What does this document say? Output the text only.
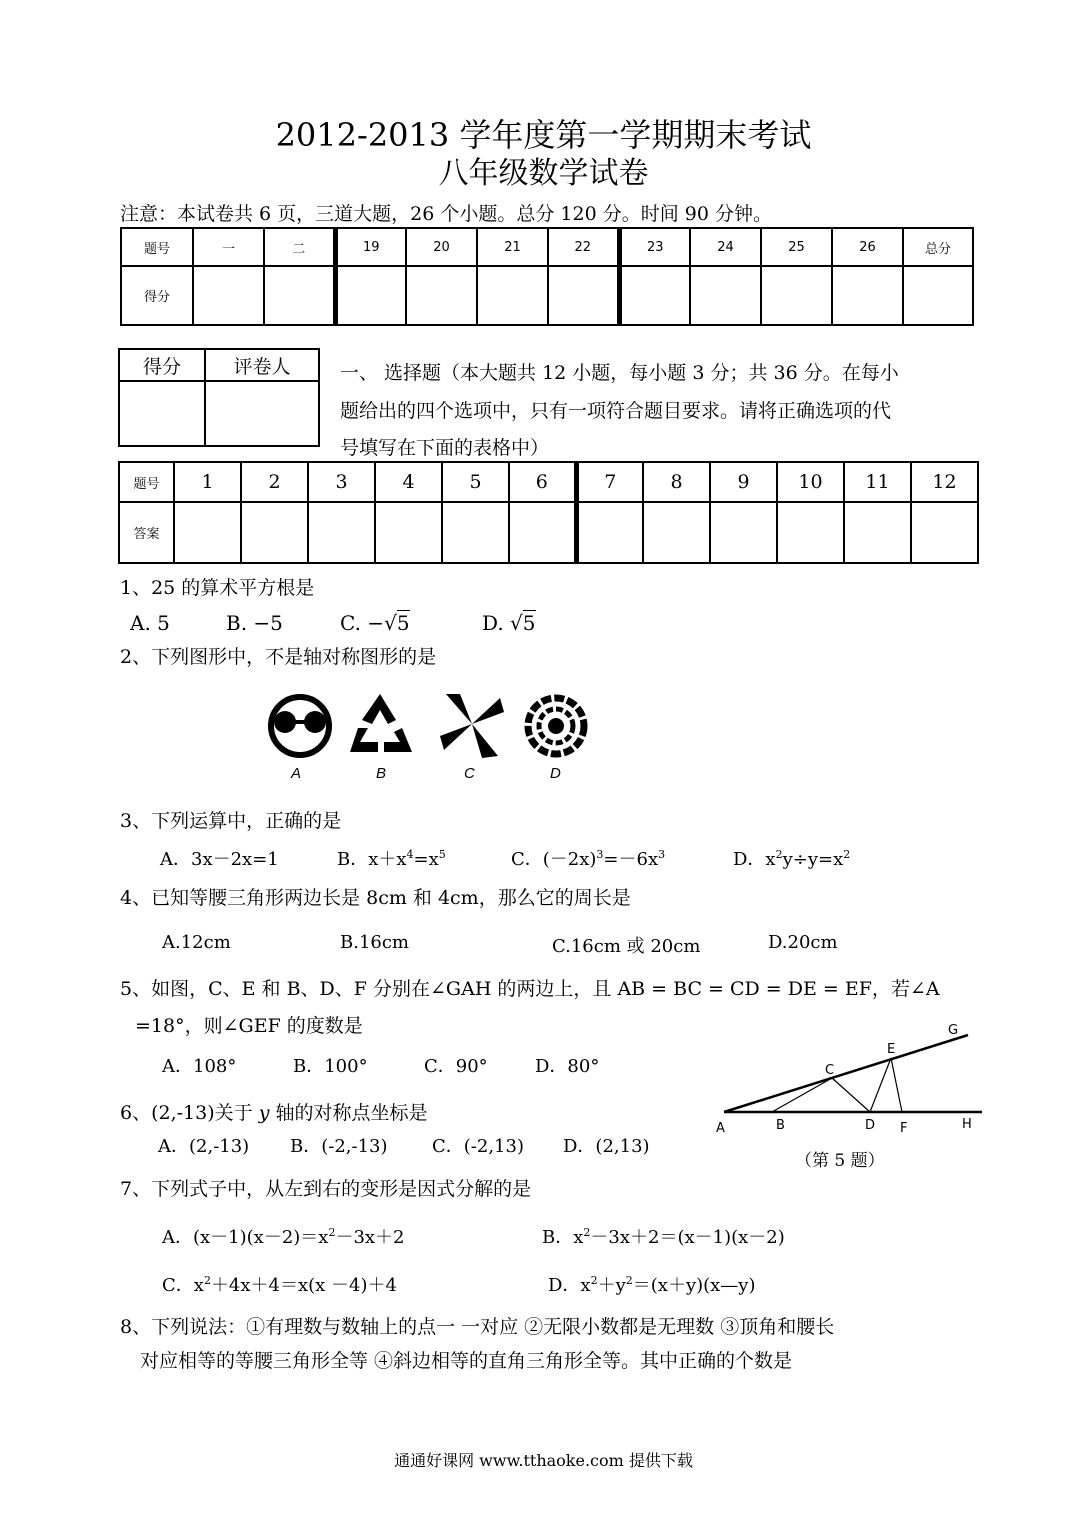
2012-2013 学年度第一学期期末考试
八年级数学试卷
注意：本试卷共 6 页，三道大题，26 个小题。总分 120 分。时间 90 分钟。
题号	一	二	19	20	21	22	23	24	25	26	总分
得分											
得分	评卷人
		一、 选择题（本大题共 12 小题，每小题 3 分；共 36 分。在每小
题给出的四个选项中，只有一项符合题目要求。请将正确选项的代
号填写在下面的表格中）
题号	1	2	3	4	5	6	7	8	9	10	11	12
答案												
1、25 的算术平方根是
A. 5	B. −5	C. −√5	D. √5
2、下列图形中，不是轴对称图形的是
A	B	C	D
3、下列运算中，正确的是
A．3x－2x=1	B．$x+x^4=x^5$	C．$(-2x)^3=-6x^3$	D．$x^2y\div y=x^2$
4、已知等腰三角形两边长是 8cm 和 4cm，那么它的周长是
A.12cm	B.16cm	C.16cm 或 20cm	D.20cm
5、如图，C、E 和 B、D、F 分别在∠GAH 的两边上，且 AB = BC = CD = DE = EF，若∠A
=18°，则∠GEF 的度数是
A．108°	B．100°	C．90°	D．80°
A	B
C
D
E
F
G
H
（第 5 题）
6、(2,-13)关于 y 轴的对称点坐标是
A．(2,-13) B．(-2,-13) C．(-2,13) D．(2,13)
7、下列式子中，从左到右的变形是因式分解的是
A．$(x-1)(x-2)=x^2-3x+2$	B．$x^2-3x+2=(x-1)(x-2)$
C．$x^2+4x+4=x(x -4)+4$	D．$x^2+y^2=(x+y)(x—y)$
8、下列说法：①有理数与数轴上的点一 一对应 ②无限小数都是无理数 ③顶角和腰长
对应相等的等腰三角形全等 ④斜边相等的直角三角形全等。其中正确的个数是
通通好课网 www.tthaoke.com 提供下载
